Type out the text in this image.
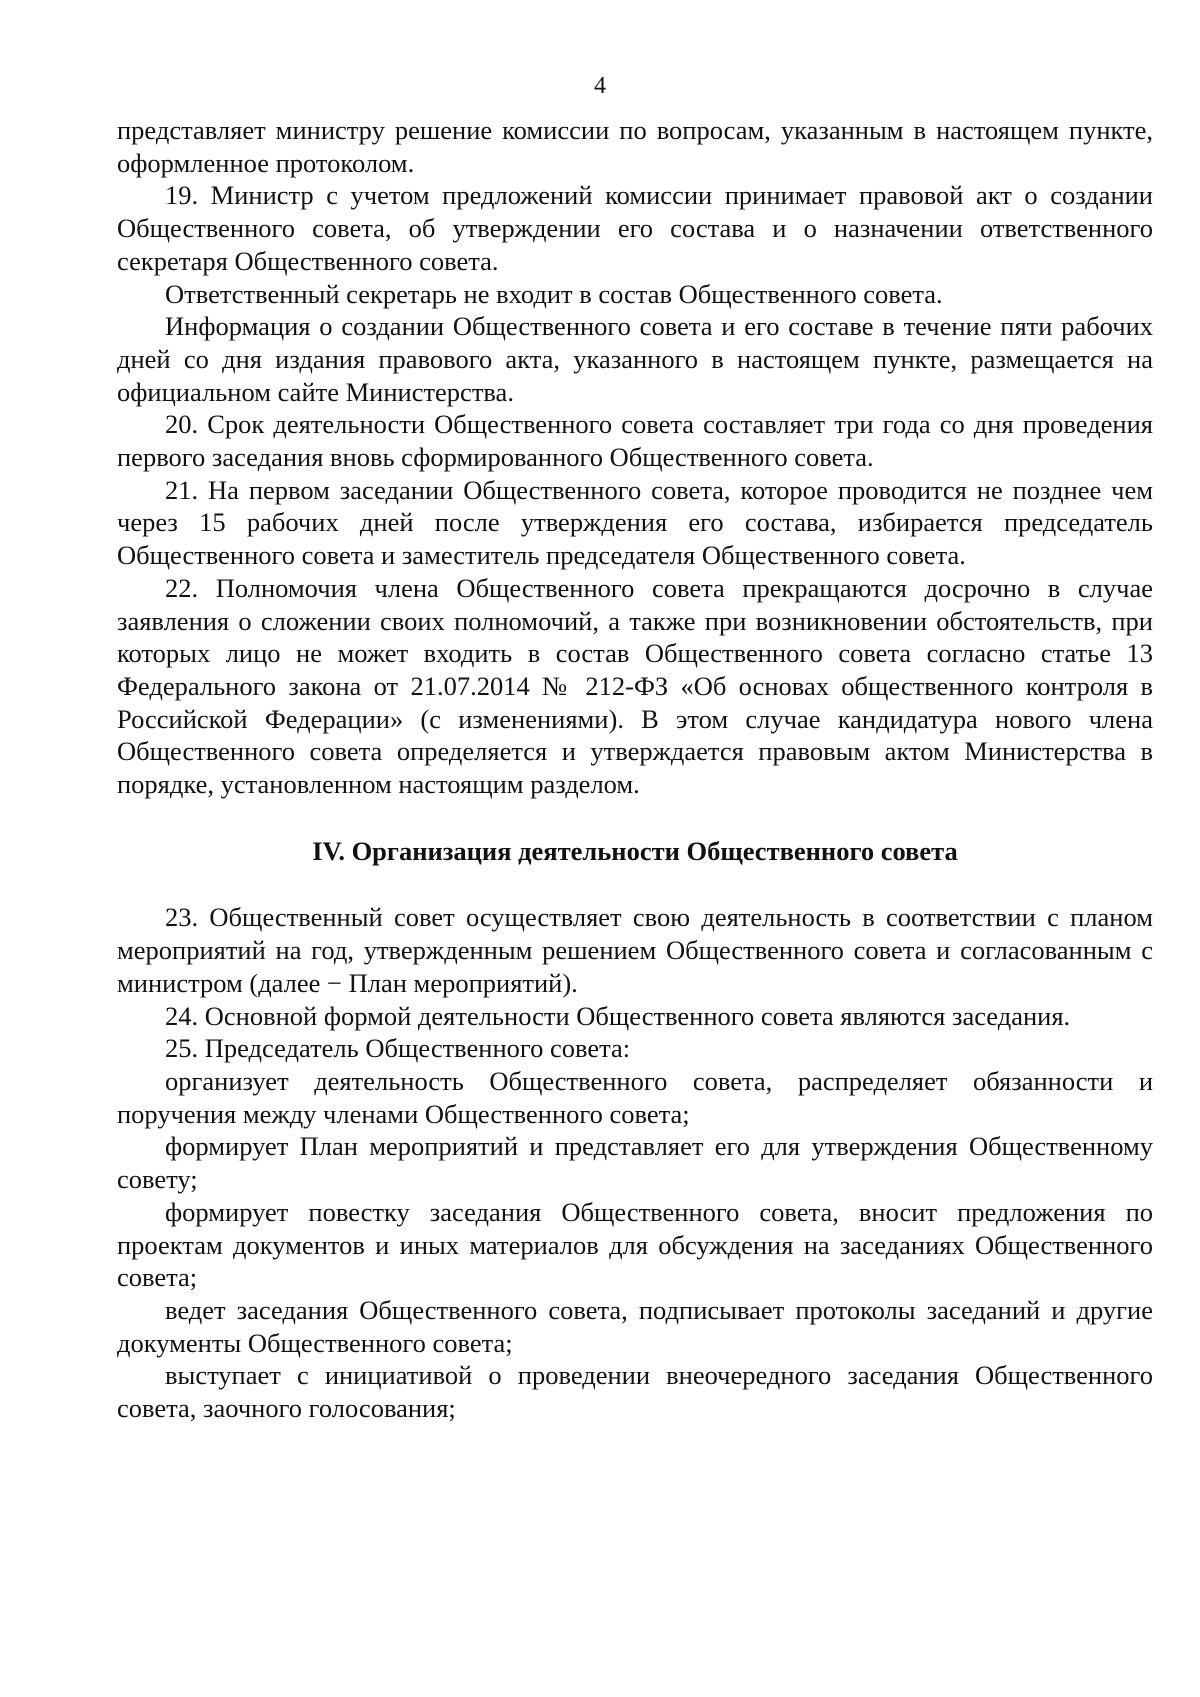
4

представляет министру решение комиссии по вопросам, указанным в настоящем пункте, оформленное протоколом.

19. Министр с учетом предложений комиссии принимает правовой акт о создании Общественного совета, об утверждении его состава и о назначении ответственного секретаря Общественного совета.

Ответственный секретарь не входит в состав Общественного совета.

Информация о создании Общественного совета и его составе в течение пяти рабочих дней со дня издания правового акта, указанного в настоящем пункте, размещается на официальном сайте Министерства.

20. Срок деятельности Общественного совета составляет три года со дня проведения первого заседания вновь сформированного Общественного совета.

21. На первом заседании Общественного совета, которое проводится не позднее чем через 15 рабочих дней после утверждения его состава, избирается председатель Общественного совета и заместитель председателя Общественного совета.

22. Полномочия члена Общественного совета прекращаются досрочно в случае заявления о сложении своих полномочий, а также при возникновении обстоятельств, при которых лицо не может входить в состав Общественного совета согласно статье 13 Федерального закона от 21.07.2014 № 212-ФЗ «Об основах общественного контроля в Российской Федерации» (с изменениями). В этом случае кандидатура нового члена Общественного совета определяется и утверждается правовым актом Министерства в порядке, установленном настоящим разделом.

IV. Организация деятельности Общественного совета

23. Общественный совет осуществляет свою деятельность в соответствии с планом мероприятий на год, утвержденным решением Общественного совета и согласованным с министром (далее − План мероприятий).

24. Основной формой деятельности Общественного совета являются заседания.

25. Председатель Общественного совета:

организует деятельность Общественного совета, распределяет обязанности и поручения между членами Общественного совета;

формирует План мероприятий и представляет его для утверждения Общественному совету;

формирует повестку заседания Общественного совета, вносит предложения по проектам документов и иных материалов для обсуждения на заседаниях Общественного совета;

ведет заседания Общественного совета, подписывает протоколы заседаний и другие документы Общественного совета;

выступает с инициативой о проведении внеочередного заседания Общественного совета, заочного голосования;
